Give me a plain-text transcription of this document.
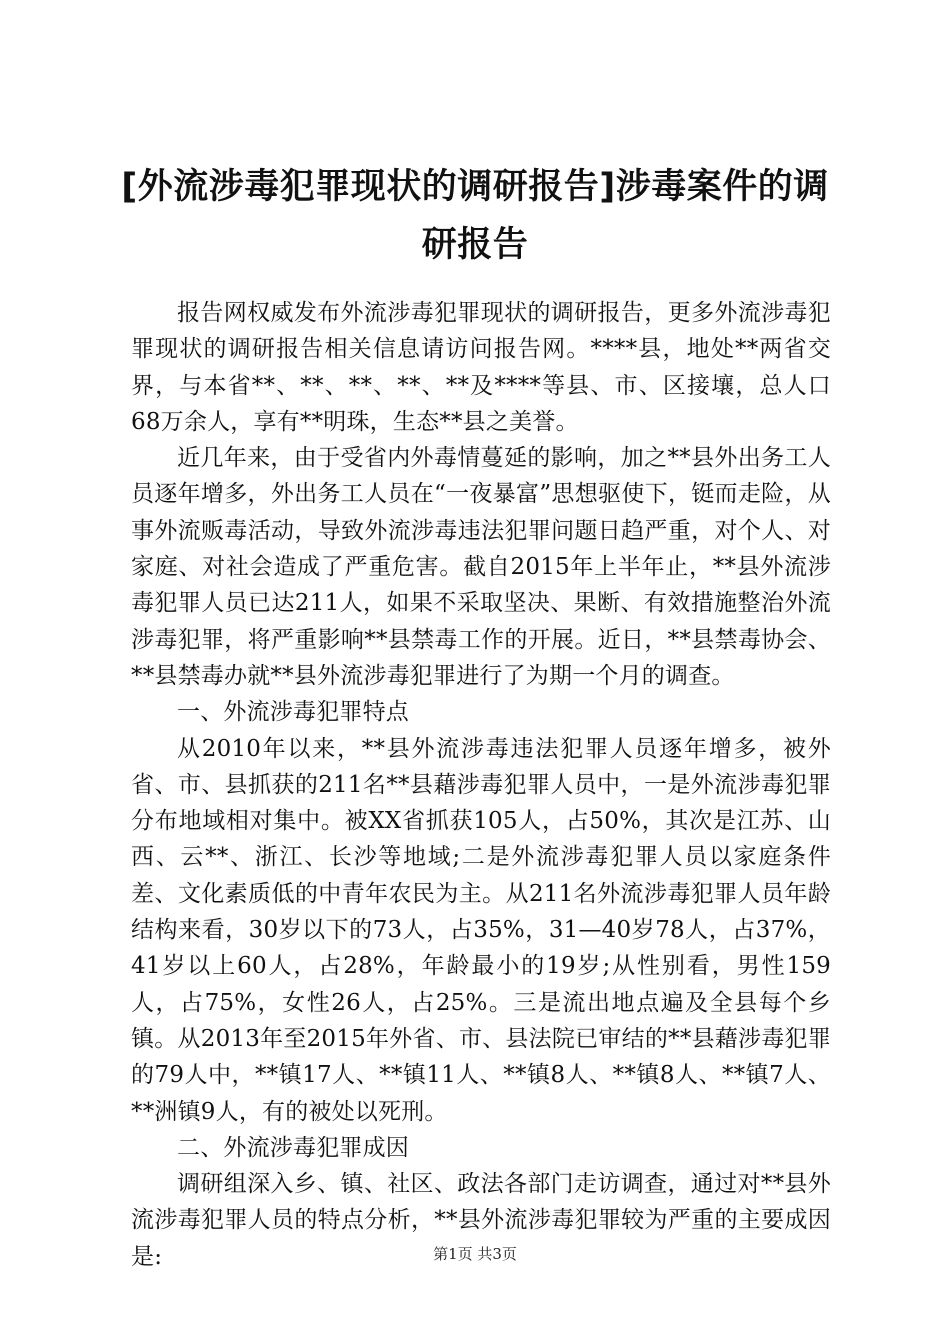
[外流涉毒犯罪现状的调研报告]涉毒案件的调研报告

报告网权威发布外流涉毒犯罪现状的调研报告，更多外流涉毒犯罪现状的调研报告相关信息请访问报告网。****县，地处**两省交界，与本省**、**、**、**、**及****等县、市、区接壤，总人口68万余人，享有**明珠，生态**县之美誉。

近几年来，由于受省内外毒情蔓延的影响，加之**县外出务工人员逐年增多，外出务工人员在“一夜暴富”思想驱使下，铤而走险，从事外流贩毒活动，导致外流涉毒违法犯罪问题日趋严重，对个人、对家庭、对社会造成了严重危害。截自2015年上半年止，**县外流涉毒犯罪人员已达211人，如果不采取坚决、果断、有效措施整治外流涉毒犯罪，将严重影响**县禁毒工作的开展。近日，**县禁毒协会、**县禁毒办就**县外流涉毒犯罪进行了为期一个月的调查。

一、外流涉毒犯罪特点

从2010年以来，**县外流涉毒违法犯罪人员逐年增多，被外省、市、县抓获的211名**县藉涉毒犯罪人员中，一是外流涉毒犯罪分布地域相对集中。被XX省抓获105人，占50%，其次是江苏、山西、云**、浙江、长沙等地域;二是外流涉毒犯罪人员以家庭条件差、文化素质低的中青年农民为主。从211名外流涉毒犯罪人员年龄结构来看，30岁以下的73人，占35%，31—40岁78人，占37%，41岁以上60人，占28%，年龄最小的19岁;从性别看，男性159人，占75%，女性26人，占25%。三是流出地点遍及全县每个乡镇。从2013年至2015年外省、市、县法院已审结的**县藉涉毒犯罪的79人中，**镇17人、**镇11人、**镇8人、**镇8人、**镇7人、**洲镇9人，有的被处以死刑。

二、外流涉毒犯罪成因

调研组深入乡、镇、社区、政法各部门走访调查，通过对**县外流涉毒犯罪人员的特点分析，**县外流涉毒犯罪较为严重的主要成因是:	第1页 共3页
